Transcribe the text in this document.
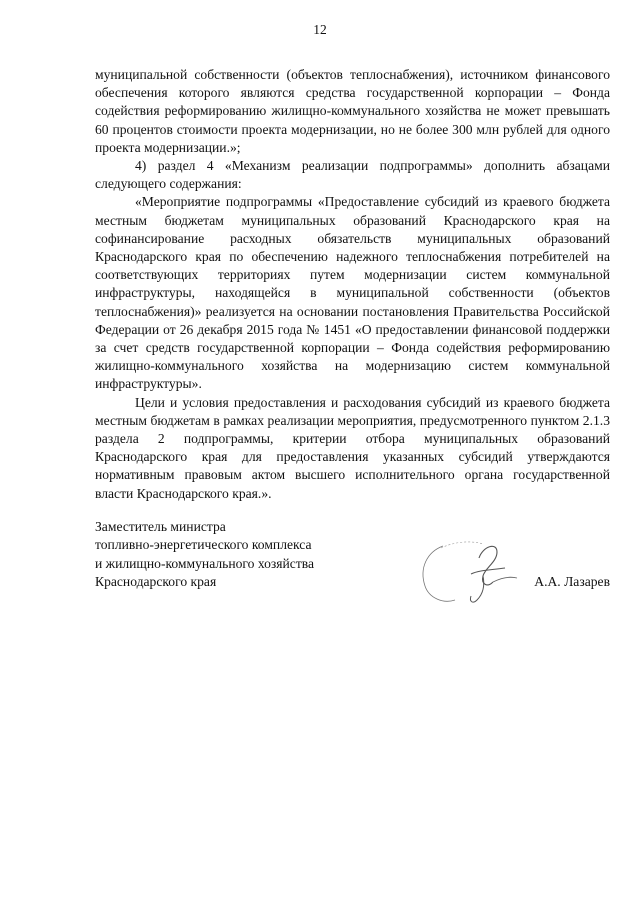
12

муниципальной собственности (объектов теплоснабжения), источником финансового обеспечения которого являются средства государственной корпорации – Фонда содействия реформированию жилищно-коммунального хозяйства не может превышать 60 процентов стоимости проекта модернизации, но не более 300 млн рублей для одного проекта модернизации.»;

4) раздел 4 «Механизм реализации подпрограммы» дополнить абзацами следующего содержания:

«Мероприятие подпрограммы «Предоставление субсидий из краевого бюджета местным бюджетам муниципальных образований Краснодарского края на софинансирование расходных обязательств муниципальных образований Краснодарского края по обеспечению надежного теплоснабжения потребителей на соответствующих территориях путем модернизации систем коммунальной инфраструктуры, находящейся в муниципальной собственности (объектов теплоснабжения)» реализуется на основании постановления Правительства Российской Федерации от 26 декабря 2015 года № 1451 «О предоставлении финансовой поддержки за счет средств государственной корпорации – Фонда содействия реформированию жилищно-коммунального хозяйства на модернизацию систем коммунальной инфраструктуры».

Цели и условия предоставления и расходования субсидий из краевого бюджета местным бюджетам в рамках реализации мероприятия, предусмотренного пунктом 2.1.3 раздела 2 подпрограммы, критерии отбора муниципальных образований Краснодарского края для предоставления указанных субсидий утверждаются нормативным правовым актом высшего исполнительного органа государственной власти Краснодарского края.».

Заместитель министра
топливно-энергетического комплекса
и жилищно-коммунального хозяйства
Краснодарского края	А.А. Лазарев
